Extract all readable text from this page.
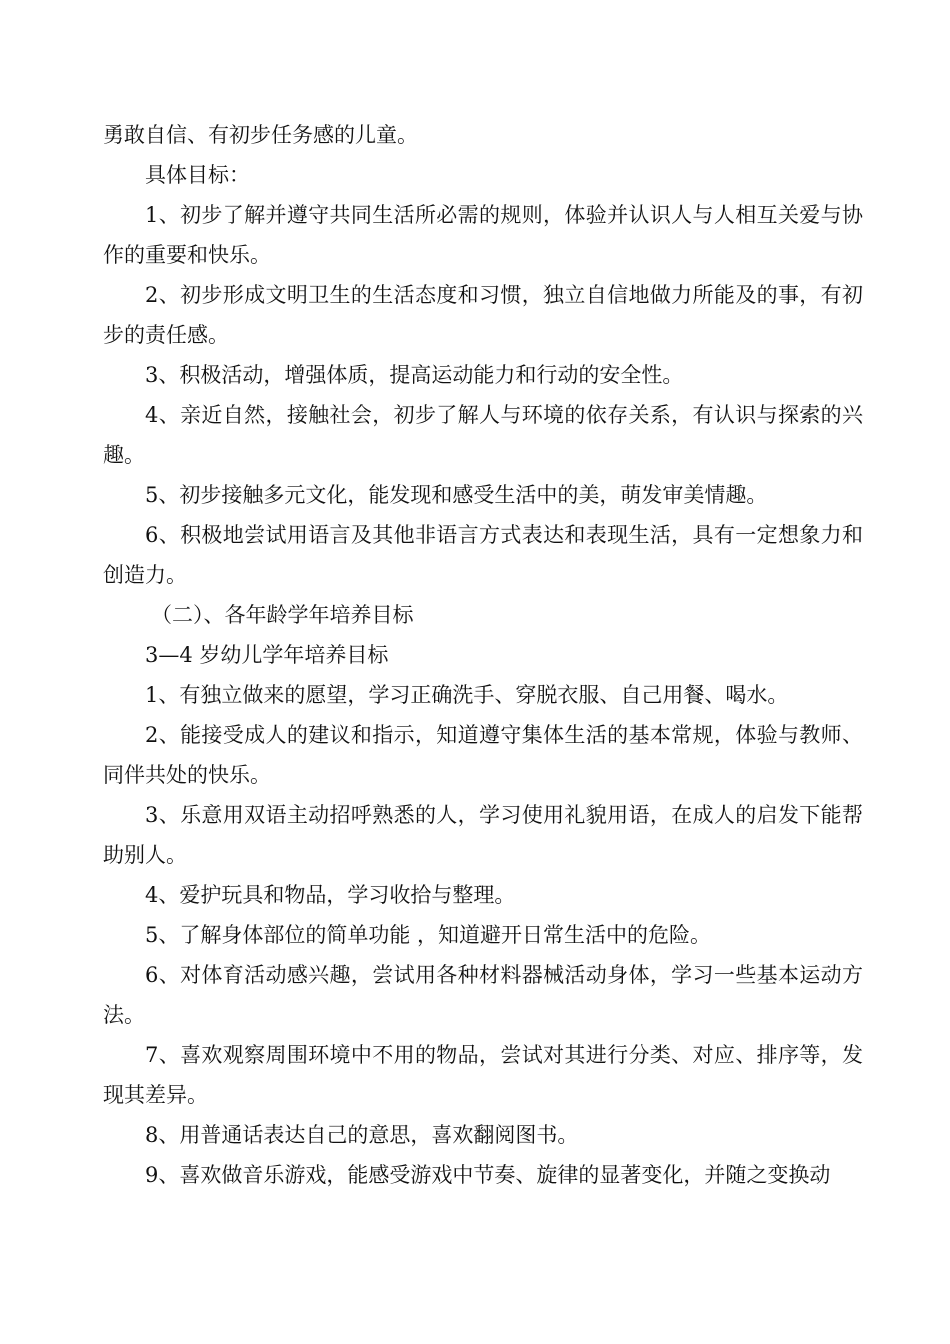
勇敢自信、有初步任务感的儿童。

具体目标：

1、初步了解并遵守共同生活所必需的规则，体验并认识人与人相互关爱与协作的重要和快乐。

2、初步形成文明卫生的生活态度和习惯，独立自信地做力所能及的事，有初步的责任感。

3、积极活动，增强体质，提高运动能力和行动的安全性。

4、亲近自然，接触社会，初步了解人与环境的依存关系，有认识与探索的兴趣。

5、初步接触多元文化，能发现和感受生活中的美，萌发审美情趣。

6、积极地尝试用语言及其他非语言方式表达和表现生活，具有一定想象力和创造力。

（二）、各年龄学年培养目标

3—4 岁幼儿学年培养目标

1、有独立做来的愿望，学习正确洗手、穿脱衣服、自己用餐、喝水。

2、能接受成人的建议和指示，知道遵守集体生活的基本常规，体验与教师、同伴共处的快乐。

3、乐意用双语主动招呼熟悉的人，学习使用礼貌用语，在成人的启发下能帮助别人。

4、爱护玩具和物品，学习收拾与整理。

5、了解身体部位的简单功能 ，知道避开日常生活中的危险。

6、对体育活动感兴趣，尝试用各种材料器械活动身体，学习一些基本运动方法。

7、喜欢观察周围环境中不用的物品，尝试对其进行分类、对应、排序等，发现其差异。

8、用普通话表达自己的意思，喜欢翻阅图书。

9、喜欢做音乐游戏，能感受游戏中节奏、旋律的显著变化，并随之变换动
